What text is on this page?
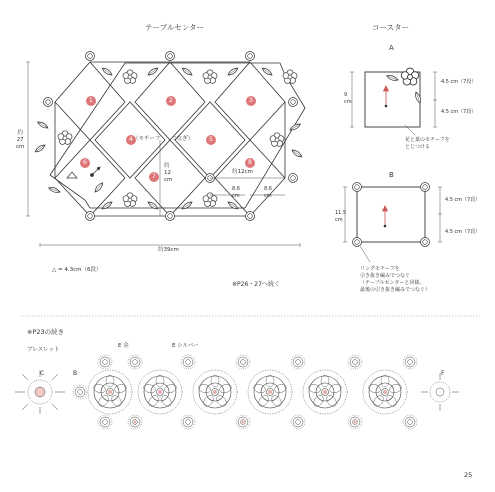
テーブルセンター	コースター
（モチーフ　　つなぎ）
1	2	3
4	5
6
7
8
約
27
cm
約39cm
約
12
cm
約12cm
8.6
cm
8.6
cm
△ = 4.3cm（6段）
※P26・27へ続く
A
B
9
cm
4.5 cm（7段）
4.5 cm（7段）
花と葉のモチーフを
とじつける
11.5
cm
4.5 cm（7段）
4.5 cm（7段）
リングモチーフを
引き抜き編みでつなぐ
（テーブルセンターと同様、
最後の引き抜き編みでつなぐ）
※P23の続き
ブレスレット
E 金	E シルバー
C	B	F
25
